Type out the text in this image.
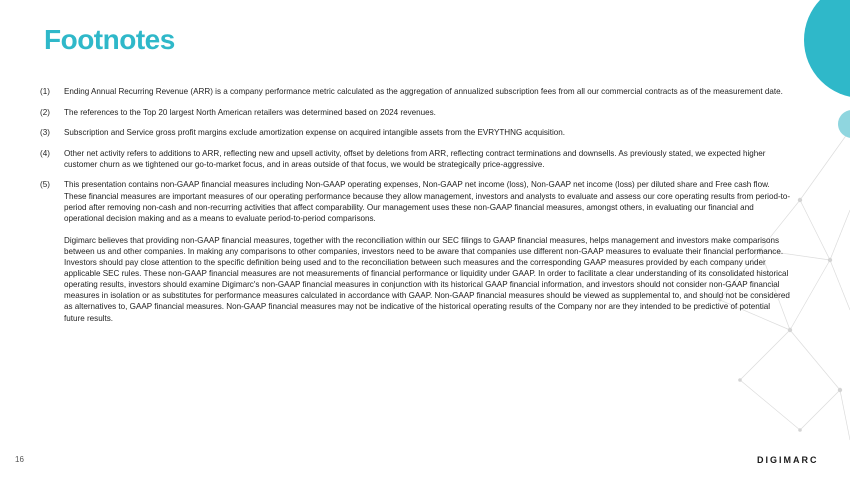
Footnotes
(1) Ending Annual Recurring Revenue (ARR) is a company performance metric calculated as the aggregation of annualized subscription fees from all our commercial contracts as of the measurement date.
(2) The references to the Top 20 largest North American retailers was determined based on 2024 revenues.
(3) Subscription and Service gross profit margins exclude amortization expense on acquired intangible assets from the EVRYTHNG acquisition.
(4) Other net activity refers to additions to ARR, reflecting new and upsell activity, offset by deletions from ARR, reflecting contract terminations and downsells. As previously stated, we expected higher customer churn as we tightened our go-to-market focus, and in areas outside of that focus, we would be strategically price-aggressive.
(5) This presentation contains non-GAAP financial measures including Non-GAAP operating expenses, Non-GAAP net income (loss), Non-GAAP net income (loss) per diluted share and Free cash flow. These financial measures are important measures of our operating performance because they allow management, investors and analysts to evaluate and assess our core operating results from period-to-period after removing non-cash and non-recurring activities that affect comparability. Our management uses these non-GAAP financial measures, amongst others, in evaluating our financial and operational decision making and as a means to evaluate period-to-period comparisons.
Digimarc believes that providing non-GAAP financial measures, together with the reconciliation within our SEC filings to GAAP financial measures, helps management and investors make comparisons between us and other companies. In making any comparisons to other companies, investors need to be aware that companies use different non-GAAP measures to evaluate their financial performance. Investors should pay close attention to the specific definition being used and to the reconciliation between such measures and the corresponding GAAP measures provided by each company under applicable SEC rules. These non-GAAP financial measures are not measurements of financial performance or liquidity under GAAP. In order to facilitate a clear understanding of its consolidated historical operating results, investors should examine Digimarc's non-GAAP financial measures in conjunction with its historical GAAP financial information, and investors should not consider non-GAAP financial measures in isolation or as substitutes for performance measures calculated in accordance with GAAP. Non-GAAP financial measures should be viewed as supplemental to, and should not be considered as alternatives to, GAAP financial measures. Non-GAAP financial measures may not be indicative of the historical operating results of the Company nor are they intended to be predictive of potential future results.
16	DIGIMARC
